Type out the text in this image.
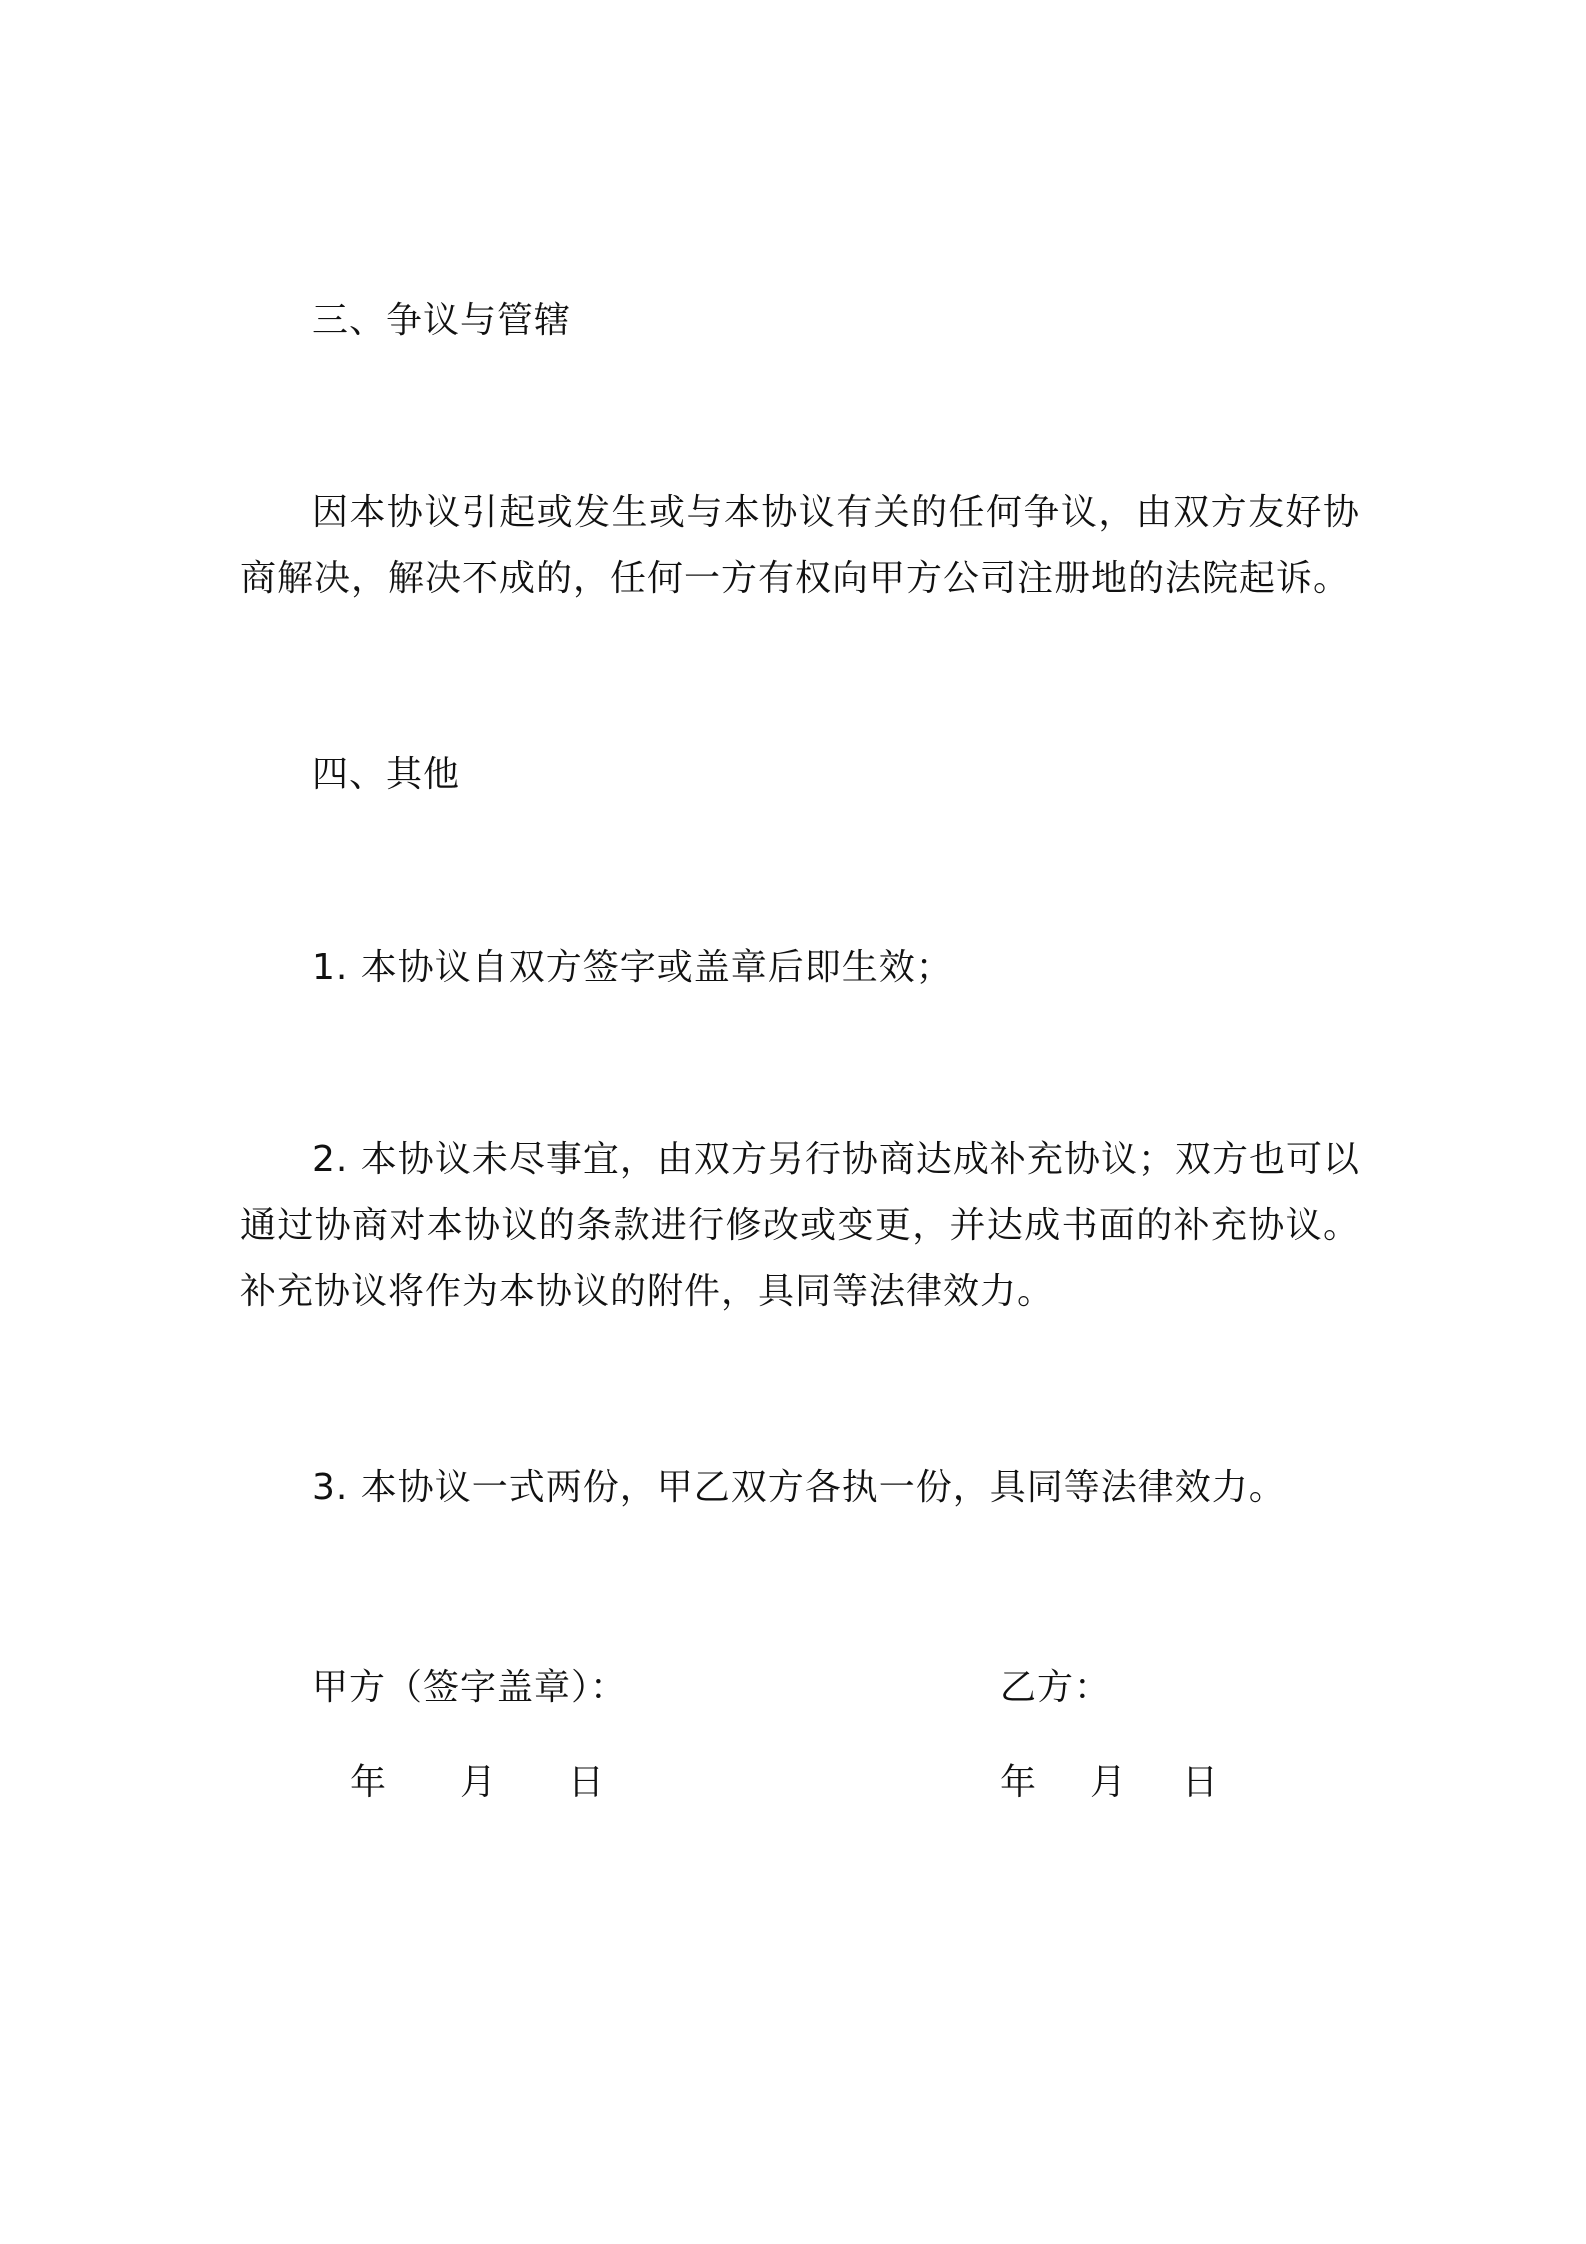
三、争议与管辖
因本协议引起或发生或与本协议有关的任何争议，由双方友好协商解决，解决不成的，任何一方有权向甲方公司注册地的法院起诉。
四、其他
1. 本协议自双方签字或盖章后即生效；
2. 本协议未尽事宜，由双方另行协商达成补充协议；双方也可以通过协商对本协议的条款进行修改或变更，并达成书面的补充协议。补充协议将作为本协议的附件，具同等法律效力。
3. 本协议一式两份，甲乙双方各执一份，具同等法律效力。
甲方（签字盖章）：	乙方：
年 月 日	年 月 日
